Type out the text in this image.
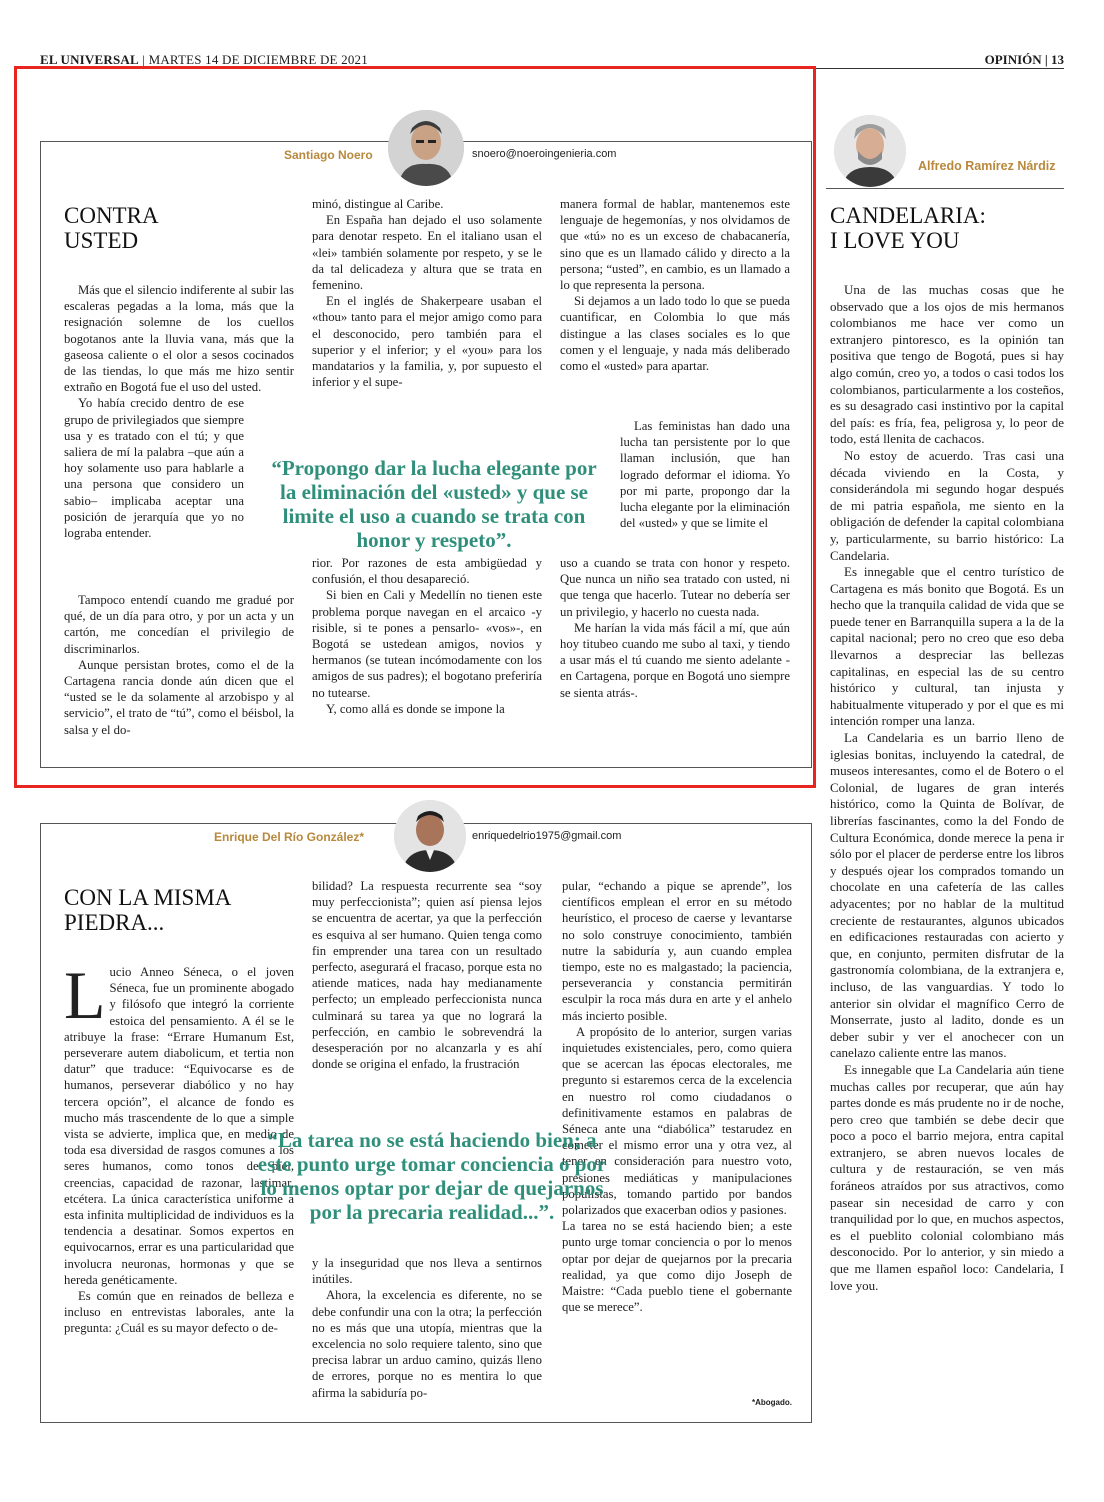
EL UNIVERSAL | MARTES 14 DE DICIEMBRE DE 2021	OPINIÓN | 13
Santiago Noero	snoero@noeroingenieria.com
CONTRA
USTED

Más que el silencio indiferente al subir las escaleras pegadas a la loma, más que la resignación solemne de los cuellos bogotanos ante la lluvia vana, más que la gaseosa caliente o el olor a sesos cocinados de las tiendas, lo que más me hizo sentir extraño en Bogotá fue el uso del usted.

Yo había crecido dentro de ese grupo de privilegiados que siempre usa y es tratado con el tú; y que saliera de mí la palabra –que aún a hoy solamente uso para hablarle a una persona que considero un sabio– implicaba aceptar una posición de jerarquía que yo no lograba entender.

Tampoco entendí cuando me gradué por qué, de un día para otro, y por un acta y un cartón, me concedían el privilegio de discriminarlos.

Aunque persistan brotes, como el de la Cartagena rancia donde aún dicen que el “usted se le da solamente al arzobispo y al servicio”, el trato de “tú”, como el béisbol, la salsa y el do-

minó, distingue al Caribe.

En España han dejado el uso solamente para denotar respeto. En el italiano usan el «lei» también solamente por respeto, y se le da tal delicadeza y altura que se trata en femenino.

En el inglés de Shakerpeare usaban el «thou» tanto para el mejor amigo como para el desconocido, pero también para el superior y el inferior; y el «you» para los mandatarios y la familia, y, por supuesto el inferior y el supe-

rior. Por razones de esta ambigüedad y confusión, el thou desapareció.

Si bien en Cali y Medellín no tienen este problema porque navegan en el arcaico -y risible, si te pones a pensarlo- «vos»-, en Bogotá se ustedean amigos, novios y hermanos (se tutean incómodamente con los amigos de sus padres); el bogotano preferiría no tutearse.

Y, como allá es donde se impone la

manera formal de hablar, mantenemos este lenguaje de hegemonías, y nos olvidamos de que «tú» no es un exceso de chabacanería, sino que es un llamado cálido y directo a la persona; “usted”, en cambio, es un llamado a lo que representa la persona.

Si dejamos a un lado todo lo que se pueda cuantificar, en Colombia lo que más distingue a las clases sociales es lo que comen y el lenguaje, y nada más deliberado como el «usted» para apartar.

Las feministas han dado una lucha tan persistente por lo que llaman inclusión, que han logrado deformar el idioma. Yo por mi parte, propongo dar la lucha elegante por la eliminación del «usted» y que se limite el

uso a cuando se trata con honor y respeto. Que nunca un niño sea tratado con usted, ni que tenga que hacerlo. Tutear no debería ser un privilegio, y hacerlo no cuesta nada.

Me harían la vida más fácil a mí, que aún hoy titubeo cuando me subo al taxi, y tiendo a usar más el tú cuando me siento adelante -en Cartagena, porque en Bogotá uno siempre se sienta atrás-.

“Propongo dar la lucha elegante por la eliminación del «usted» y que se limite el uso a cuando se trata con honor y respeto”.
Enrique Del Río González*	enriquedelrio1975@gmail.com
CON LA MISMA
PIEDRA...

Lucio Anneo Séneca, o el joven Séneca, fue un prominente abogado y filósofo que integró la corriente estoica del pensamiento. A él se le atribuye la frase: “Errare Humanum Est, perseverare autem diabolicum, et tertia non datur” que traduce: “Equivocarse es de humanos, perseverar diabólico y no hay tercera opción”, el alcance de fondo es mucho más trascendente de lo que a simple vista se advierte, implica que, en medio de toda esa diversidad de rasgos comunes a los seres humanos, como tonos de piel, creencias, capacidad de razonar, lastimar, etcétera. La única característica uniforme a esta infinita multiplicidad de individuos es la tendencia a desatinar. Somos expertos en equivocarnos, errar es una particularidad que involucra neuronas, hormonas y que se hereda genéticamente.

Es común que en reinados de belleza e incluso en entrevistas laborales, ante la pregunta: ¿Cuál es su mayor defecto o de-

bilidad? La respuesta recurrente sea “soy muy perfeccionista”; quien así piensa lejos se encuentra de acertar, ya que la perfección es esquiva al ser humano. Quien tenga como fin emprender una tarea con un resultado perfecto, asegurará el fracaso, porque esta no atiende matices, nada hay medianamente perfecto; un empleado perfeccionista nunca culminará su tarea ya que no logrará la perfección, en cambio le sobrevendrá la desesperación por no alcanzarla y es ahí donde se origina el enfado, la frustración

y la inseguridad que nos lleva a sentirnos inútiles.

Ahora, la excelencia es diferente, no se debe confundir una con la otra; la perfección no es más que una utopía, mientras que la excelencia no solo requiere talento, sino que precisa labrar un arduo camino, quizás lleno de errores, porque no es mentira lo que afirma la sabiduría po-

pular, “echando a pique se aprende”, los científicos emplean el error en su método heurístico, el proceso de caerse y levantarse no solo construye conocimiento, también nutre la sabiduría y, aun cuando emplea tiempo, este no es malgastado; la paciencia, perseverancia y constancia permitirán esculpir la roca más dura en arte y el anhelo más incierto posible.

A propósito de lo anterior, surgen varias inquietudes existenciales, pero, como quiera que se acercan las épocas electorales, me pregunto si estaremos cerca de la excelencia en nuestro rol como ciudadanos o definitivamente estamos en palabras de Séneca ante una “diabólica” testarudez en cometer el mismo error una y otra vez, al tener en consideración para nuestro voto, presiones mediáticas y manipulaciones populistas, tomando partido por bandos polarizados que exacerban odios y pasiones.

La tarea no se está haciendo bien; a este punto urge tomar conciencia o por lo menos optar por dejar de quejarnos por la precaria realidad, ya que como dijo Joseph de Maistre: “Cada pueblo tiene el gobernante que se merece”.

*Abogado.
“La tarea no se está haciendo bien; a este punto urge tomar conciencia o por lo menos optar por dejar de quejarnos por la precaria realidad...”.
Alfredo Ramírez Nárdiz
CANDELARIA:
I LOVE YOU

Una de las muchas cosas que he observado que a los ojos de mis hermanos colombianos me hace ver como un extranjero pintoresco, es la opinión tan positiva que tengo de Bogotá, pues si hay algo común, creo yo, a todos o casi todos los colombianos, particularmente a los costeños, es su desagrado casi instintivo por la capital del país: es fría, fea, peligrosa y, lo peor de todo, está llenita de cachacos.

No estoy de acuerdo. Tras casi una década viviendo en la Costa, y considerándola mi segundo hogar después de mi patria española, me siento en la obligación de defender la capital colombiana y, particularmente, su barrio histórico: La Candelaria.

Es innegable que el centro turístico de Cartagena es más bonito que Bogotá. Es un hecho que la tranquila calidad de vida que se puede tener en Barranquilla supera a la de la capital nacional; pero no creo que eso deba llevarnos a despreciar las bellezas capitalinas, en especial las de su centro histórico y cultural, tan injusta y habitualmente vituperado y por el que es mi intención romper una lanza.

La Candelaria es un barrio lleno de iglesias bonitas, incluyendo la catedral, de museos interesantes, como el de Botero o el Colonial, de lugares de gran interés histórico, como la Quinta de Bolívar, de librerías fascinantes, como la del Fondo de Cultura Económica, donde merece la pena ir sólo por el placer de perderse entre los libros y después ojear los comprados tomando un chocolate en una cafetería de las calles adyacentes; por no hablar de la multitud creciente de restaurantes, algunos ubicados en edificaciones restauradas con acierto y que, en conjunto, permiten disfrutar de la gastronomía colombiana, de la extranjera e, incluso, de las vanguardias. Y todo lo anterior sin olvidar el magnífico Cerro de Monserrate, justo al ladito, donde es un deber subir y ver el anochecer con un canelazo caliente entre las manos.

Es innegable que La Candelaria aún tiene muchas calles por recuperar, que aún hay partes donde es más prudente no ir de noche, pero creo que también se debe decir que poco a poco el barrio mejora, entra capital extranjero, se abren nuevos locales de cultura y de restauración, se ven más foráneos atraídos por sus atractivos, como pasear sin necesidad de carro y con tranquilidad por lo que, en muchos aspectos, es el pueblito colonial colombiano más desconocido. Por lo anterior, y sin miedo a que me llamen español loco: Candelaria, I love you.
